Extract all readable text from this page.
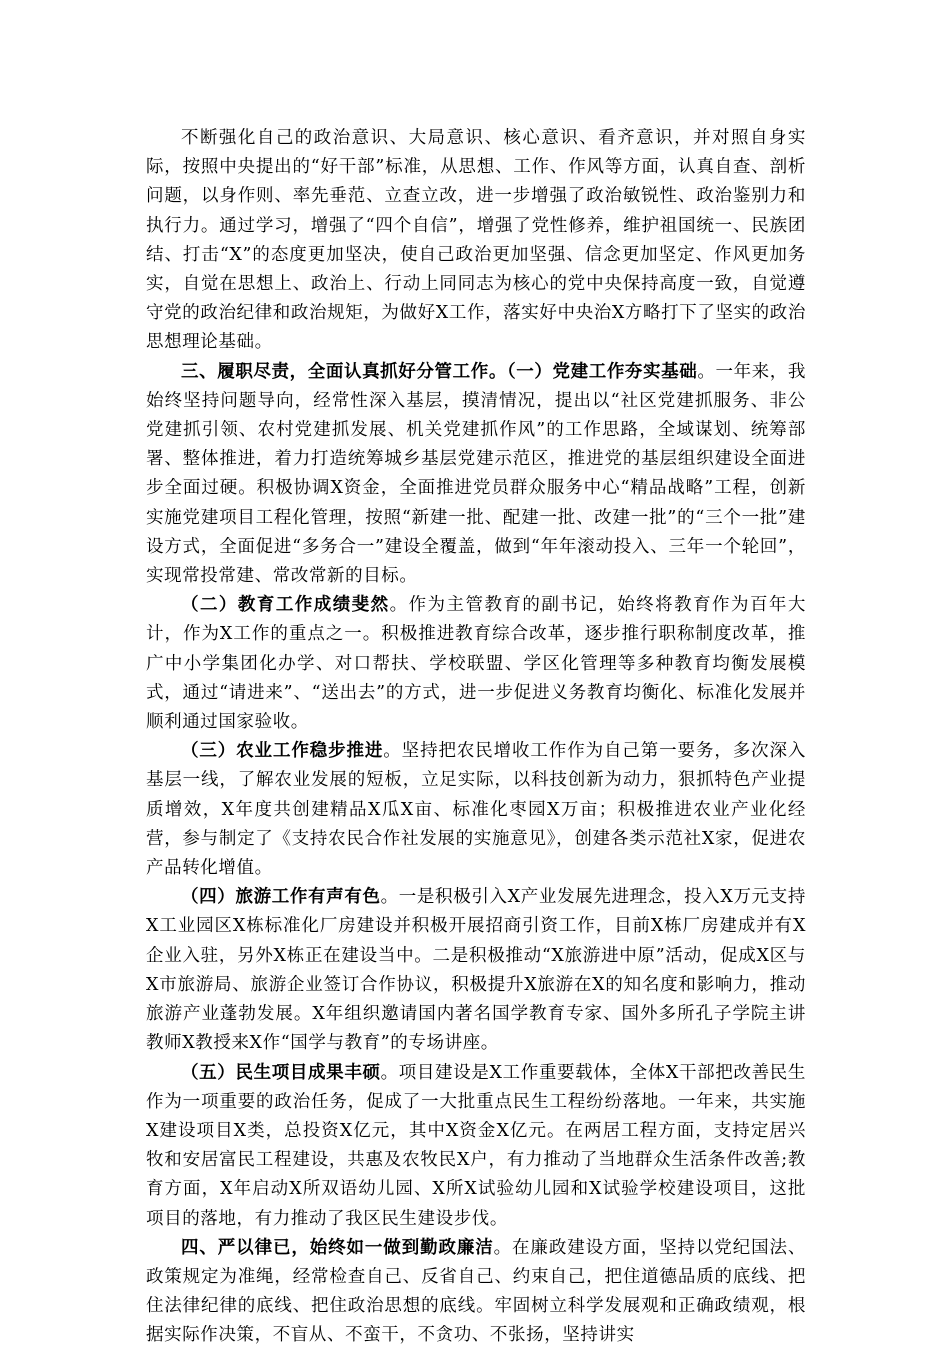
不断强化自己的政治意识、大局意识、核心意识、看齐意识，并对照自身实际，按照中央提出的“好干部”标准，从思想、工作、作风等方面，认真自查、剖析问题，以身作则、率先垂范、立查立改，进一步增强了政治敏锐性、政治鉴别力和执行力。通过学习，增强了“四个自信”，增强了党性修养，维护祖国统一、民族团结、打击“X”的态度更加坚决，使自己政治更加坚强、信念更加坚定、作风更加务实，自觉在思想上、政治上、行动上同同志为核心的党中央保持高度一致，自觉遵守党的政治纪律和政治规矩，为做好X工作，落实好中央治X方略打下了坚实的政治思想理论基础。

三、履职尽责，全面认真抓好分管工作。（一）党建工作夯实基础。一年来，我始终坚持问题导向，经常性深入基层，摸清情况，提出以“社区党建抓服务、非公党建抓引领、农村党建抓发展、机关党建抓作风”的工作思路，全域谋划、统筹部署、整体推进，着力打造统筹城乡基层党建示范区，推进党的基层组织建设全面进步全面过硬。积极协调X资金，全面推进党员群众服务中心“精品战略”工程，创新实施党建项目工程化管理，按照“新建一批、配建一批、改建一批”的“三个一批”建设方式，全面促进“多务合一”建设全覆盖，做到“年年滚动投入、三年一个轮回”，实现常投常建、常改常新的目标。

（二）教育工作成绩斐然。作为主管教育的副书记，始终将教育作为百年大计，作为X工作的重点之一。积极推进教育综合改革，逐步推行职称制度改革，推广中小学集团化办学、对口帮扶、学校联盟、学区化管理等多种教育均衡发展模式，通过“请进来”、“送出去”的方式，进一步促进义务教育均衡化、标准化发展并顺利通过国家验收。

（三）农业工作稳步推进。坚持把农民增收工作作为自己第一要务，多次深入基层一线，了解农业发展的短板，立足实际，以科技创新为动力，狠抓特色产业提质增效，X年度共创建精品X瓜X亩、标准化枣园X万亩；积极推进农业产业化经营，参与制定了《支持农民合作社发展的实施意见》，创建各类示范社X家，促进农产品转化增值。

（四）旅游工作有声有色。一是积极引入X产业发展先进理念，投入X万元支持X工业园区X栋标准化厂房建设并积极开展招商引资工作，目前X栋厂房建成并有X企业入驻，另外X栋正在建设当中。二是积极推动“X旅游进中原”活动，促成X区与X市旅游局、旅游企业签订合作协议，积极提升X旅游在X的知名度和影响力，推动旅游产业蓬勃发展。X年组织邀请国内著名国学教育专家、国外多所孔子学院主讲教师X教授来X作“国学与教育”的专场讲座。

（五）民生项目成果丰硕。项目建设是X工作重要载体，全体X干部把改善民生作为一项重要的政治任务，促成了一大批重点民生工程纷纷落地。一年来，共实施X建设项目X类，总投资X亿元，其中X资金X亿元。在两居工程方面，支持定居兴牧和安居富民工程建设，共惠及农牧民X户，有力推动了当地群众生活条件改善;教育方面，X年启动X所双语幼儿园、X所X试验幼儿园和X试验学校建设项目，这批项目的落地，有力推动了我区民生建设步伐。

四、严以律已，始终如一做到勤政廉洁。在廉政建设方面，坚持以党纪国法、政策规定为准绳，经常检查自己、反省自己、约束自己，把住道德品质的底线、把住法律纪律的底线、把住政治思想的底线。牢固树立科学发展观和正确政绩观，根据实际作决策，不盲从、不蛮干，不贪功、不张扬，坚持讲实
